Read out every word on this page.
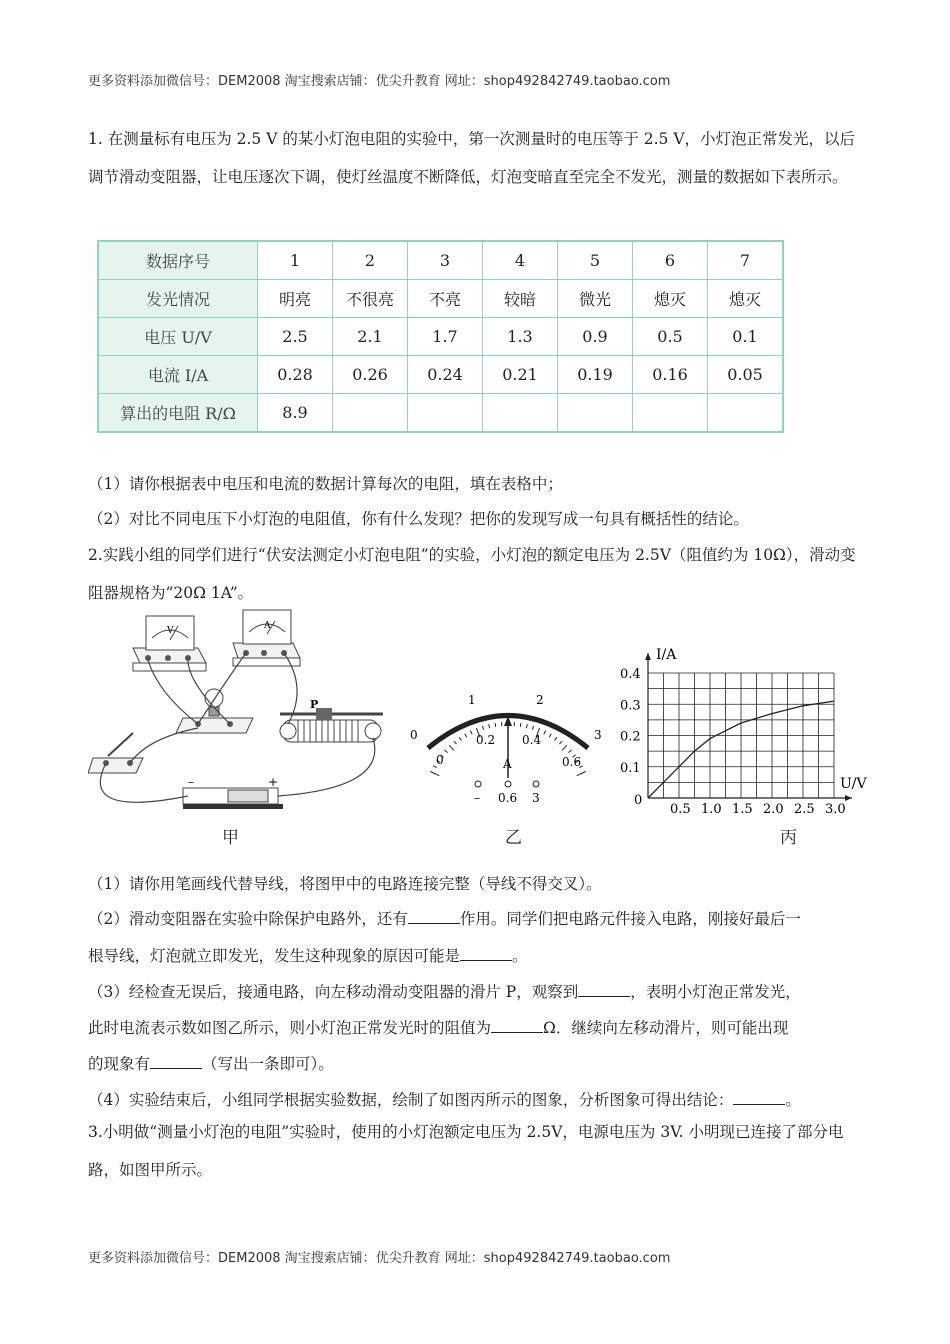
更多资料添加微信号：DEM2008 淘宝搜索店铺：优尖升教育 网址：shop492842749.taobao.com
1. 在测量标有电压为 2.5 V 的某小灯泡电阻的实验中，第一次测量时的电压等于 2.5 V，小灯泡正常发光，以后调节滑动变阻器，让电压逐次下调，使灯丝温度不断降低，灯泡变暗直至完全不发光，测量的数据如下表所示。
数据序号	1	2	3	4	5	6	7
发光情况	明亮	不很亮	不亮	较暗	微光	熄灭	熄灭
电压 U/V	2.5	2.1	1.7	1.3	0.9	0.5	0.1
电流 I/A	0.28	0.26	0.24	0.21	0.19	0.16	0.05
算出的电阻 R/Ω	8.9						
（1）请你根据表中电压和电流的数据计算每次的电阻，填在表格中；
（2）对比不同电压下小灯泡的电阻值，你有什么发现？把你的发现写成一句具有概括性的结论。
2.实践小组的同学们进行“伏安法测定小灯泡电阻”的实验，小灯泡的额定电压为 2.5V（阻值约为 10Ω），滑动变阻器规格为“20Ω 1A”。
V	A
P
–	+
甲
0
1	2
3
0
0.2 0.4
0.6
A
– 0.6 3
乙
0.5 1.0 1.5 2.0 2.5 3.0
0.1
0.2
0.3
0.4
0
I/A
U/V
丙
（1）请你用笔画线代替导线，将图甲中的电路连接完整（导线不得交叉）。
（2）滑动变阻器在实验中除保护电路外，还有	作用。同学们把电路元件接入电路，刚接好最后一
根导线，灯泡就立即发光，发生这种现象的原因可能是	。
（3）经检查无误后，接通电路，向左移动滑动变阻器的滑片 P，观察到	，表明小灯泡正常发光，
此时电流表示数如图乙所示，则小灯泡正常发光时的阻值为	Ω．继续向左移动滑片，则可能出现
的现象有	（写出一条即可）。
（4）实验结束后，小组同学根据实验数据，绘制了如图丙所示的图象，分析图象可得出结论：	。
3.小明做“测量小灯泡的电阻”实验时，使用的小灯泡额定电压为 2.5V，电源电压为 3V. 小明现已连接了部分电路，如图甲所示。
更多资料添加微信号：DEM2008 淘宝搜索店铺：优尖升教育 网址：shop492842749.taobao.com
